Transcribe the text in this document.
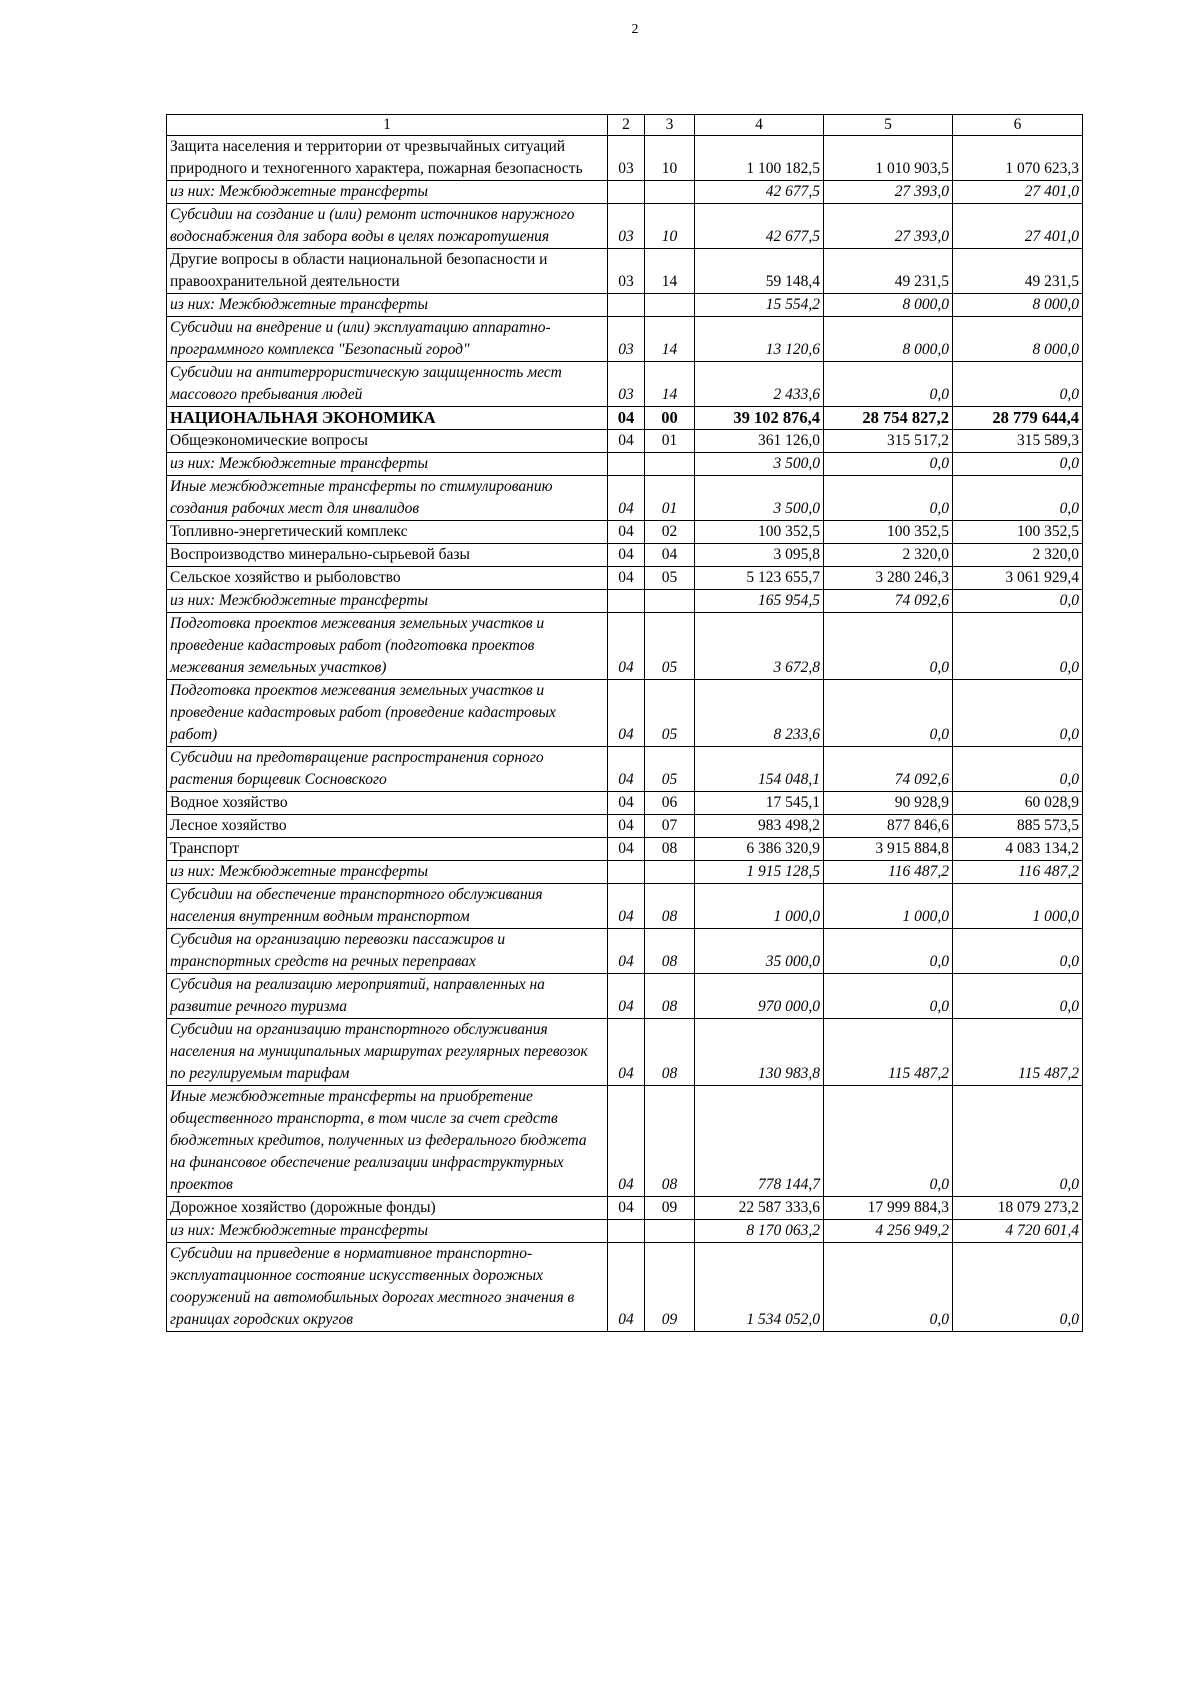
2
1	2	3	4	5	6
Защита населения и территории от чрезвычайных ситуаций природного и техногенного характера, пожарная безопасность	03	10	1 100 182,5	1 010 903,5	1 070 623,3
из них: Межбюджетные трансферты			42 677,5	27 393,0	27 401,0
Субсидии на создание и (или) ремонт источников наружного водоснабжения для забора воды в целях пожаротушения	03	10	42 677,5	27 393,0	27 401,0
Другие вопросы в области национальной безопасности и правоохранительной деятельности	03	14	59 148,4	49 231,5	49 231,5
из них: Межбюджетные трансферты			15 554,2	8 000,0	8 000,0
Субсидии на внедрение и (или) эксплуатацию аппаратно-программного комплекса "Безопасный город"	03	14	13 120,6	8 000,0	8 000,0
Субсидии на антитеррористическую защищенность мест массового пребывания людей	03	14	2 433,6	0,0	0,0
НАЦИОНАЛЬНАЯ ЭКОНОМИКА	04	00	39 102 876,4	28 754 827,2	28 779 644,4
Общеэкономические вопросы	04	01	361 126,0	315 517,2	315 589,3
из них: Межбюджетные трансферты			3 500,0	0,0	0,0
Иные межбюджетные трансферты по стимулированию создания рабочих мест для инвалидов	04	01	3 500,0	0,0	0,0
Топливно-энергетический комплекс	04	02	100 352,5	100 352,5	100 352,5
Воспроизводство минерально-сырьевой базы	04	04	3 095,8	2 320,0	2 320,0
Сельское хозяйство и рыболовство	04	05	5 123 655,7	3 280 246,3	3 061 929,4
из них: Межбюджетные трансферты			165 954,5	74 092,6	0,0
Подготовка проектов межевания земельных участков и проведение кадастровых работ (подготовка проектов межевания земельных участков)	04	05	3 672,8	0,0	0,0
Подготовка проектов межевания земельных участков и проведение кадастровых работ (проведение кадастровых работ)	04	05	8 233,6	0,0	0,0
Субсидии на предотвращение распространения сорного растения борщевик Сосновского	04	05	154 048,1	74 092,6	0,0
Водное хозяйство	04	06	17 545,1	90 928,9	60 028,9
Лесное хозяйство	04	07	983 498,2	877 846,6	885 573,5
Транспорт	04	08	6 386 320,9	3 915 884,8	4 083 134,2
из них: Межбюджетные трансферты			1 915 128,5	116 487,2	116 487,2
Субсидии на обеспечение транспортного обслуживания населения внутренним водным транспортом	04	08	1 000,0	1 000,0	1 000,0
Субсидия на организацию перевозки пассажиров и транспортных средств на речных переправах	04	08	35 000,0	0,0	0,0
Субсидия на реализацию мероприятий, направленных на развитие речного туризма	04	08	970 000,0	0,0	0,0
Субсидии на организацию транспортного обслуживания населения на муниципальных маршрутах регулярных перевозок по регулируемым тарифам	04	08	130 983,8	115 487,2	115 487,2
Иные межбюджетные трансферты на приобретение общественного транспорта, в том числе за счет средств бюджетных кредитов, полученных из федерального бюджета на финансовое обеспечение реализации инфраструктурных проектов	04	08	778 144,7	0,0	0,0
Дорожное хозяйство (дорожные фонды)	04	09	22 587 333,6	17 999 884,3	18 079 273,2
из них: Межбюджетные трансферты			8 170 063,2	4 256 949,2	4 720 601,4
Субсидии на приведение в нормативное транспортно-эксплуатационное состояние искусственных дорожных сооружений на автомобильных дорогах местного значения в границах городских округов	04	09	1 534 052,0	0,0	0,0
